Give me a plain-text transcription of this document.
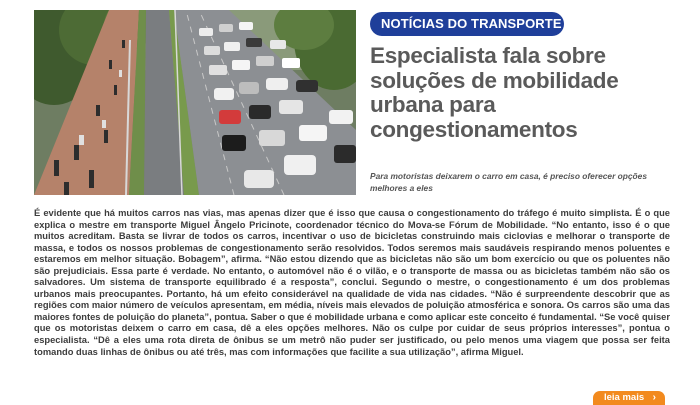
NOTÍCIAS DO TRANSPORTE
Especialista fala sobre soluções de mobilidade urbana para congestionamentos

Para motoristas deixarem o carro em casa, é preciso oferecer opções melhores a eles

É evidente que há muitos carros nas vias, mas apenas dizer que é isso que causa o congestionamento do tráfego é muito simplista. É o que explica o mestre em transporte Miguel Ângelo Pricinote, coordenador técnico do Mova-se Fórum de Mobilidade. “No entanto, isso é o que muitos acreditam. Basta se livrar de todos os carros, incentivar o uso de bicicletas construindo mais ciclovias e melhorar o transporte de massa, e todos os nossos problemas de congestionamento serão resolvidos. Todos seremos mais saudáveis respirando menos poluentes e estaremos em melhor situação. Bobagem”, afirma. “Não estou dizendo que as bicicletas não são um bom exercício ou que os poluentes não são prejudiciais. Essa parte é verdade. No entanto, o automóvel não é o vilão, e o transporte de massa ou as bicicletas também não são os salvadores. Um sistema de transporte equilibrado é a resposta”, conclui. Segundo o mestre, o congestionamento é um dos problemas urbanos mais preocupantes. Portanto, há um efeito considerável na qualidade de vida nas cidades. “Não é surpreendente descobrir que as regiões com maior número de veículos apresentam, em média, níveis mais elevados de poluição atmosférica e sonora. Os carros são uma das maiores fontes de poluição do planeta”, pontua. Saber o que é mobilidade urbana e como aplicar este conceito é fundamental. “Se você quiser que os motoristas deixem o carro em casa, dê a eles opções melhores. Não os culpe por cuidar de seus próprios interesses”, pontua o especialista. “Dê a eles uma rota direta de ônibus se um metrô não puder ser justificado, ou pelo menos uma viagem que possa ser feita tomando duas linhas de ônibus ou até três, mas com informações que facilite a sua utilização”, afirma Miguel.

leia mais ›
